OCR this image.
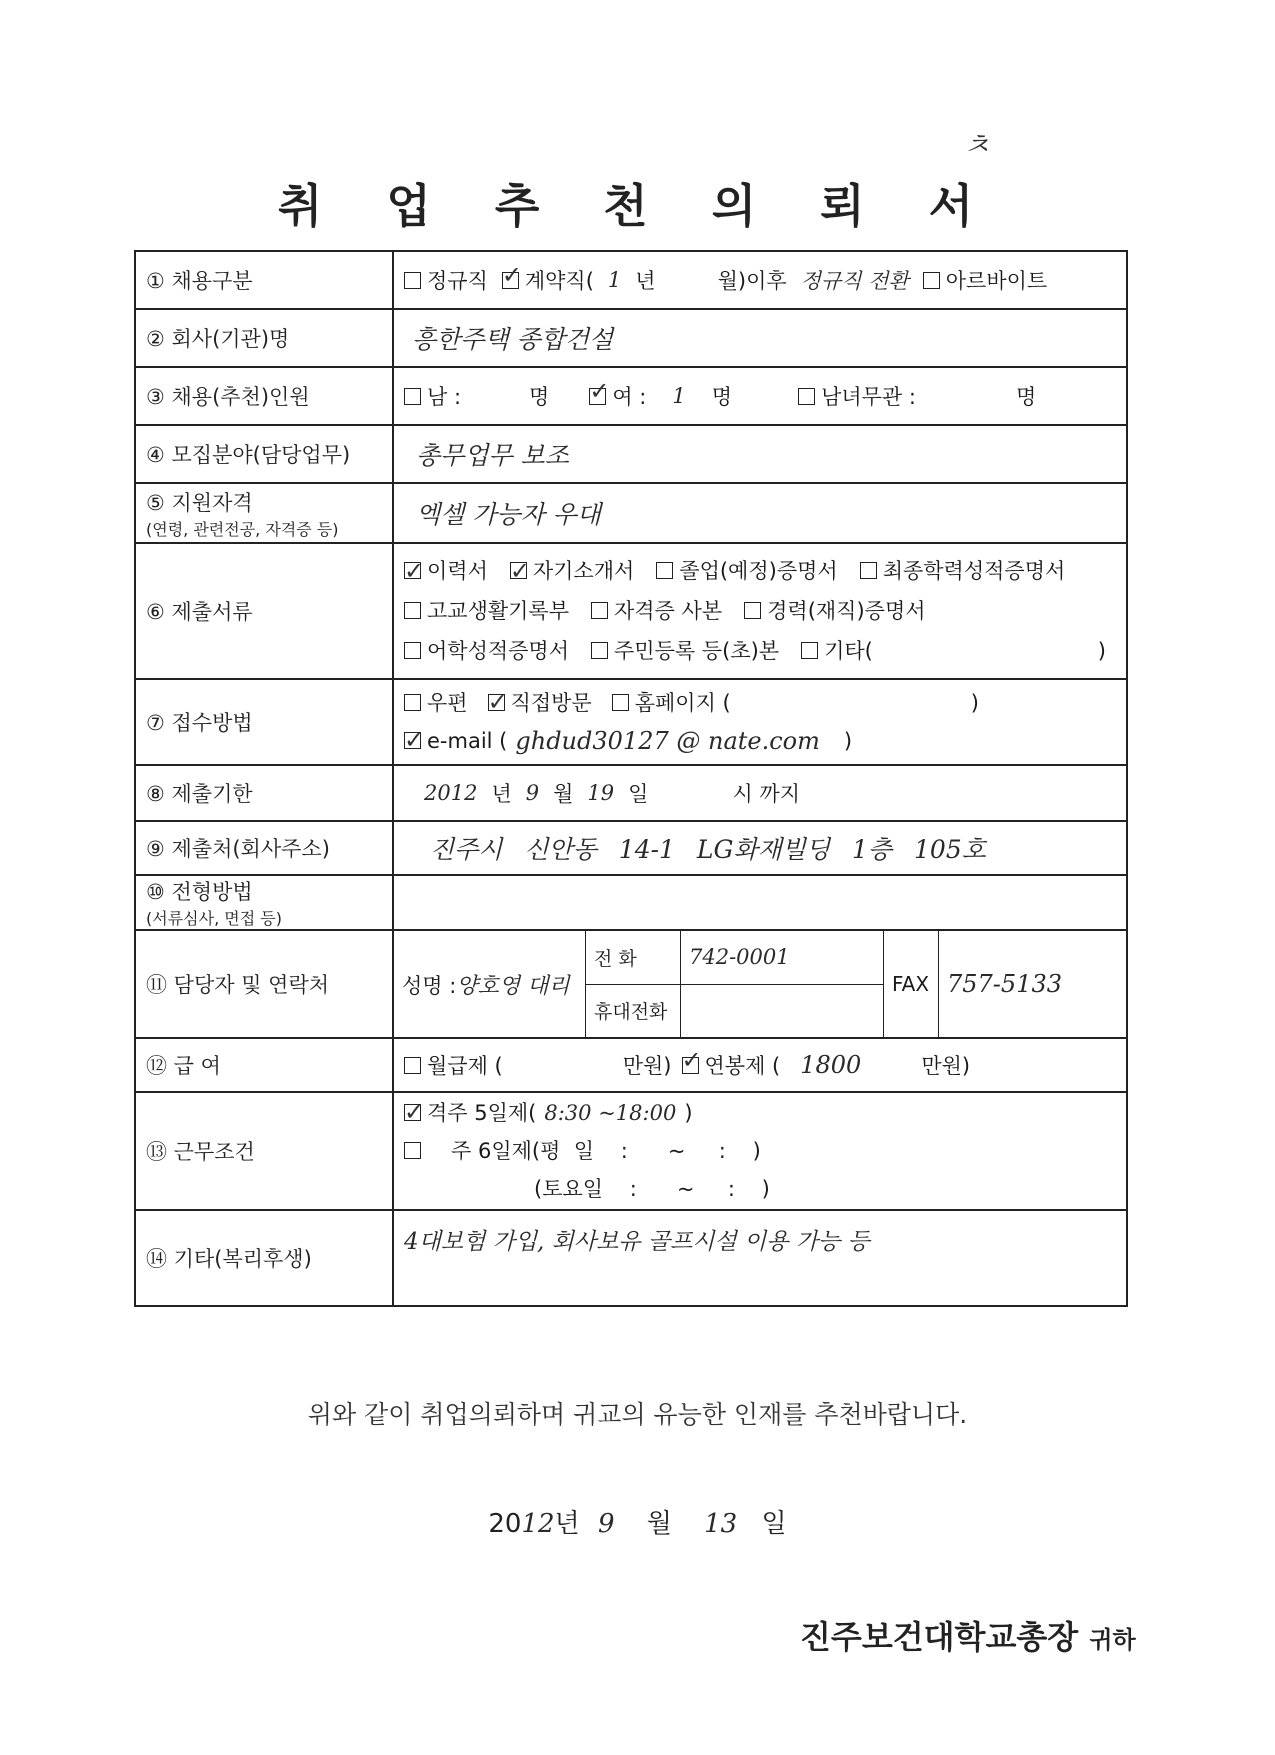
ㅊ
취 업 추 천 의 뢰 서
① 채용구분	정규직 ✓	계약직( 1 년	월)이후 정규직 전환	아르바이트

② 회사(기관)명	흥한주택 종합건설
③ 채용(추천)인원	남 :	명 ✓	여 : 1 명	남녀무관 :	명

④ 모집분야(담당업무)	총무업무 보조
⑤ 지원자격
(연령, 관련전공, 자격증 등)	엑셀 가능자 우대
⑥ 제출서류	
✓이력서 ✓	자기소개서	졸업(예정)증명서	최종학력성적증명서
고교생활기록부	자격증 사본	경력(재직)증명서
어학성적증명서	주민등록 등(초)본	기타(	)

⑦ 접수방법	
우편 ✓	직접방문	홈페이지 (	)
✓e-mail ( ghdud30127 @ nate.com )

⑧ 제출기한	2012 년 9 월 19 일	시 까지

⑨ 제출처(회사주소)	진주시 신안동 14-1 LG화재빌딩 1층 105호
⑩ 전형방법
(서류심사, 면접 등)

⑪ 담당자 및 연락처		성명 :양호영 대리	전 화	742-0001	FAX	757-5133
휴대전화	

⑫ 급 여	월급제 (	만원) ✓	연봉제 ( 1800	만원)

⑬ 근무조건	
✓격주 5일제( 8:30 ~18:00 )
주 6일제(평  일    :      ~     :    )
(토요일    :      ~     :    )

⑭ 기타(복리후생)	4대보험 가입, 회사보유 골프시설 이용 가능 등
위와 같이 취업의뢰하며 귀교의 유능한 인재를 추천바랍니다.
2012년 9 월 13 일
진주보건대학교총장 귀하
